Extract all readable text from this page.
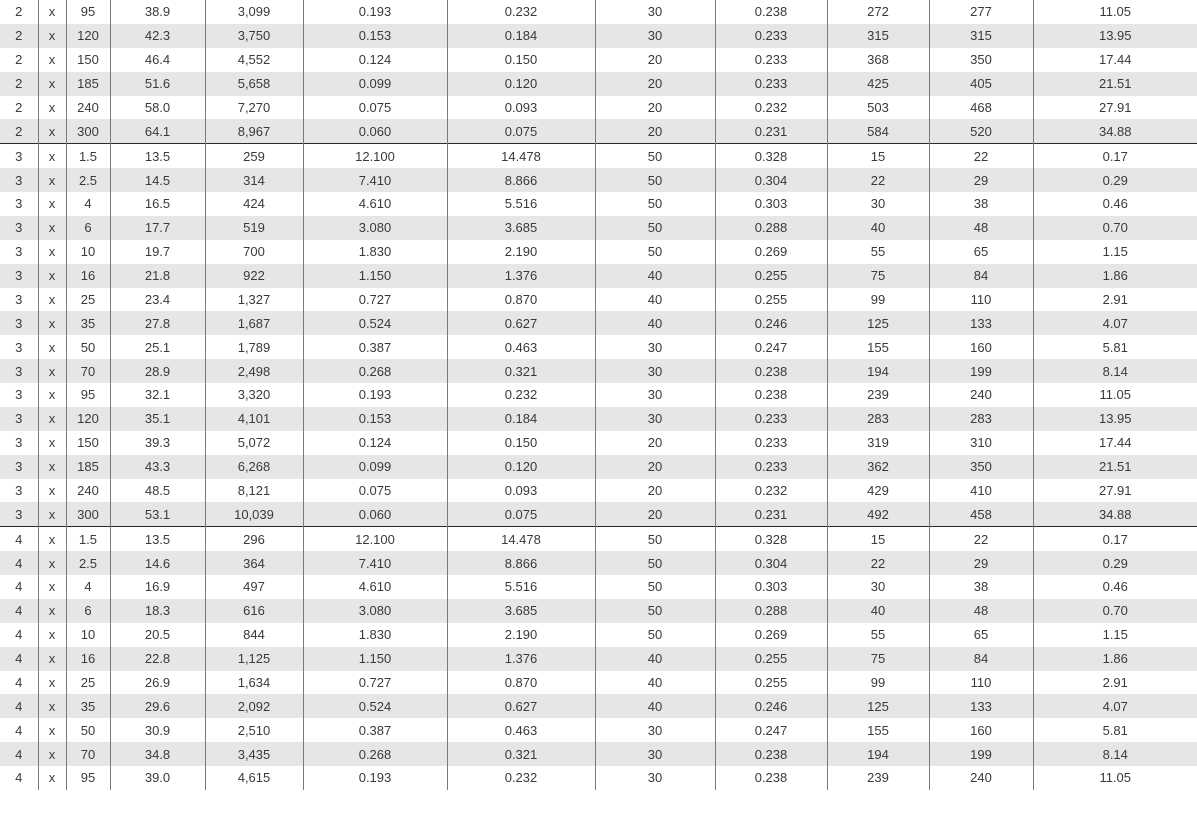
2	x	95	38.9	3,099	0.193	0.232	30	0.238	272	277	11.05
2	x	120	42.3	3,750	0.153	0.184	30	0.233	315	315	13.95
2	x	150	46.4	4,552	0.124	0.150	20	0.233	368	350	17.44
2	x	185	51.6	5,658	0.099	0.120	20	0.233	425	405	21.51
2	x	240	58.0	7,270	0.075	0.093	20	0.232	503	468	27.91
2	x	300	64.1	8,967	0.060	0.075	20	0.231	584	520	34.88
3	x	1.5	13.5	259	12.100	14.478	50	0.328	15	22	0.17
3	x	2.5	14.5	314	7.410	8.866	50	0.304	22	29	0.29
3	x	4	16.5	424	4.610	5.516	50	0.303	30	38	0.46
3	x	6	17.7	519	3.080	3.685	50	0.288	40	48	0.70
3	x	10	19.7	700	1.830	2.190	50	0.269	55	65	1.15
3	x	16	21.8	922	1.150	1.376	40	0.255	75	84	1.86
3	x	25	23.4	1,327	0.727	0.870	40	0.255	99	110	2.91
3	x	35	27.8	1,687	0.524	0.627	40	0.246	125	133	4.07
3	x	50	25.1	1,789	0.387	0.463	30	0.247	155	160	5.81
3	x	70	28.9	2,498	0.268	0.321	30	0.238	194	199	8.14
3	x	95	32.1	3,320	0.193	0.232	30	0.238	239	240	11.05
3	x	120	35.1	4,101	0.153	0.184	30	0.233	283	283	13.95
3	x	150	39.3	5,072	0.124	0.150	20	0.233	319	310	17.44
3	x	185	43.3	6,268	0.099	0.120	20	0.233	362	350	21.51
3	x	240	48.5	8,121	0.075	0.093	20	0.232	429	410	27.91
3	x	300	53.1	10,039	0.060	0.075	20	0.231	492	458	34.88
4	x	1.5	13.5	296	12.100	14.478	50	0.328	15	22	0.17
4	x	2.5	14.6	364	7.410	8.866	50	0.304	22	29	0.29
4	x	4	16.9	497	4.610	5.516	50	0.303	30	38	0.46
4	x	6	18.3	616	3.080	3.685	50	0.288	40	48	0.70
4	x	10	20.5	844	1.830	2.190	50	0.269	55	65	1.15
4	x	16	22.8	1,125	1.150	1.376	40	0.255	75	84	1.86
4	x	25	26.9	1,634	0.727	0.870	40	0.255	99	110	2.91
4	x	35	29.6	2,092	0.524	0.627	40	0.246	125	133	4.07
4	x	50	30.9	2,510	0.387	0.463	30	0.247	155	160	5.81
4	x	70	34.8	3,435	0.268	0.321	30	0.238	194	199	8.14
4	x	95	39.0	4,615	0.193	0.232	30	0.238	239	240	11.05
